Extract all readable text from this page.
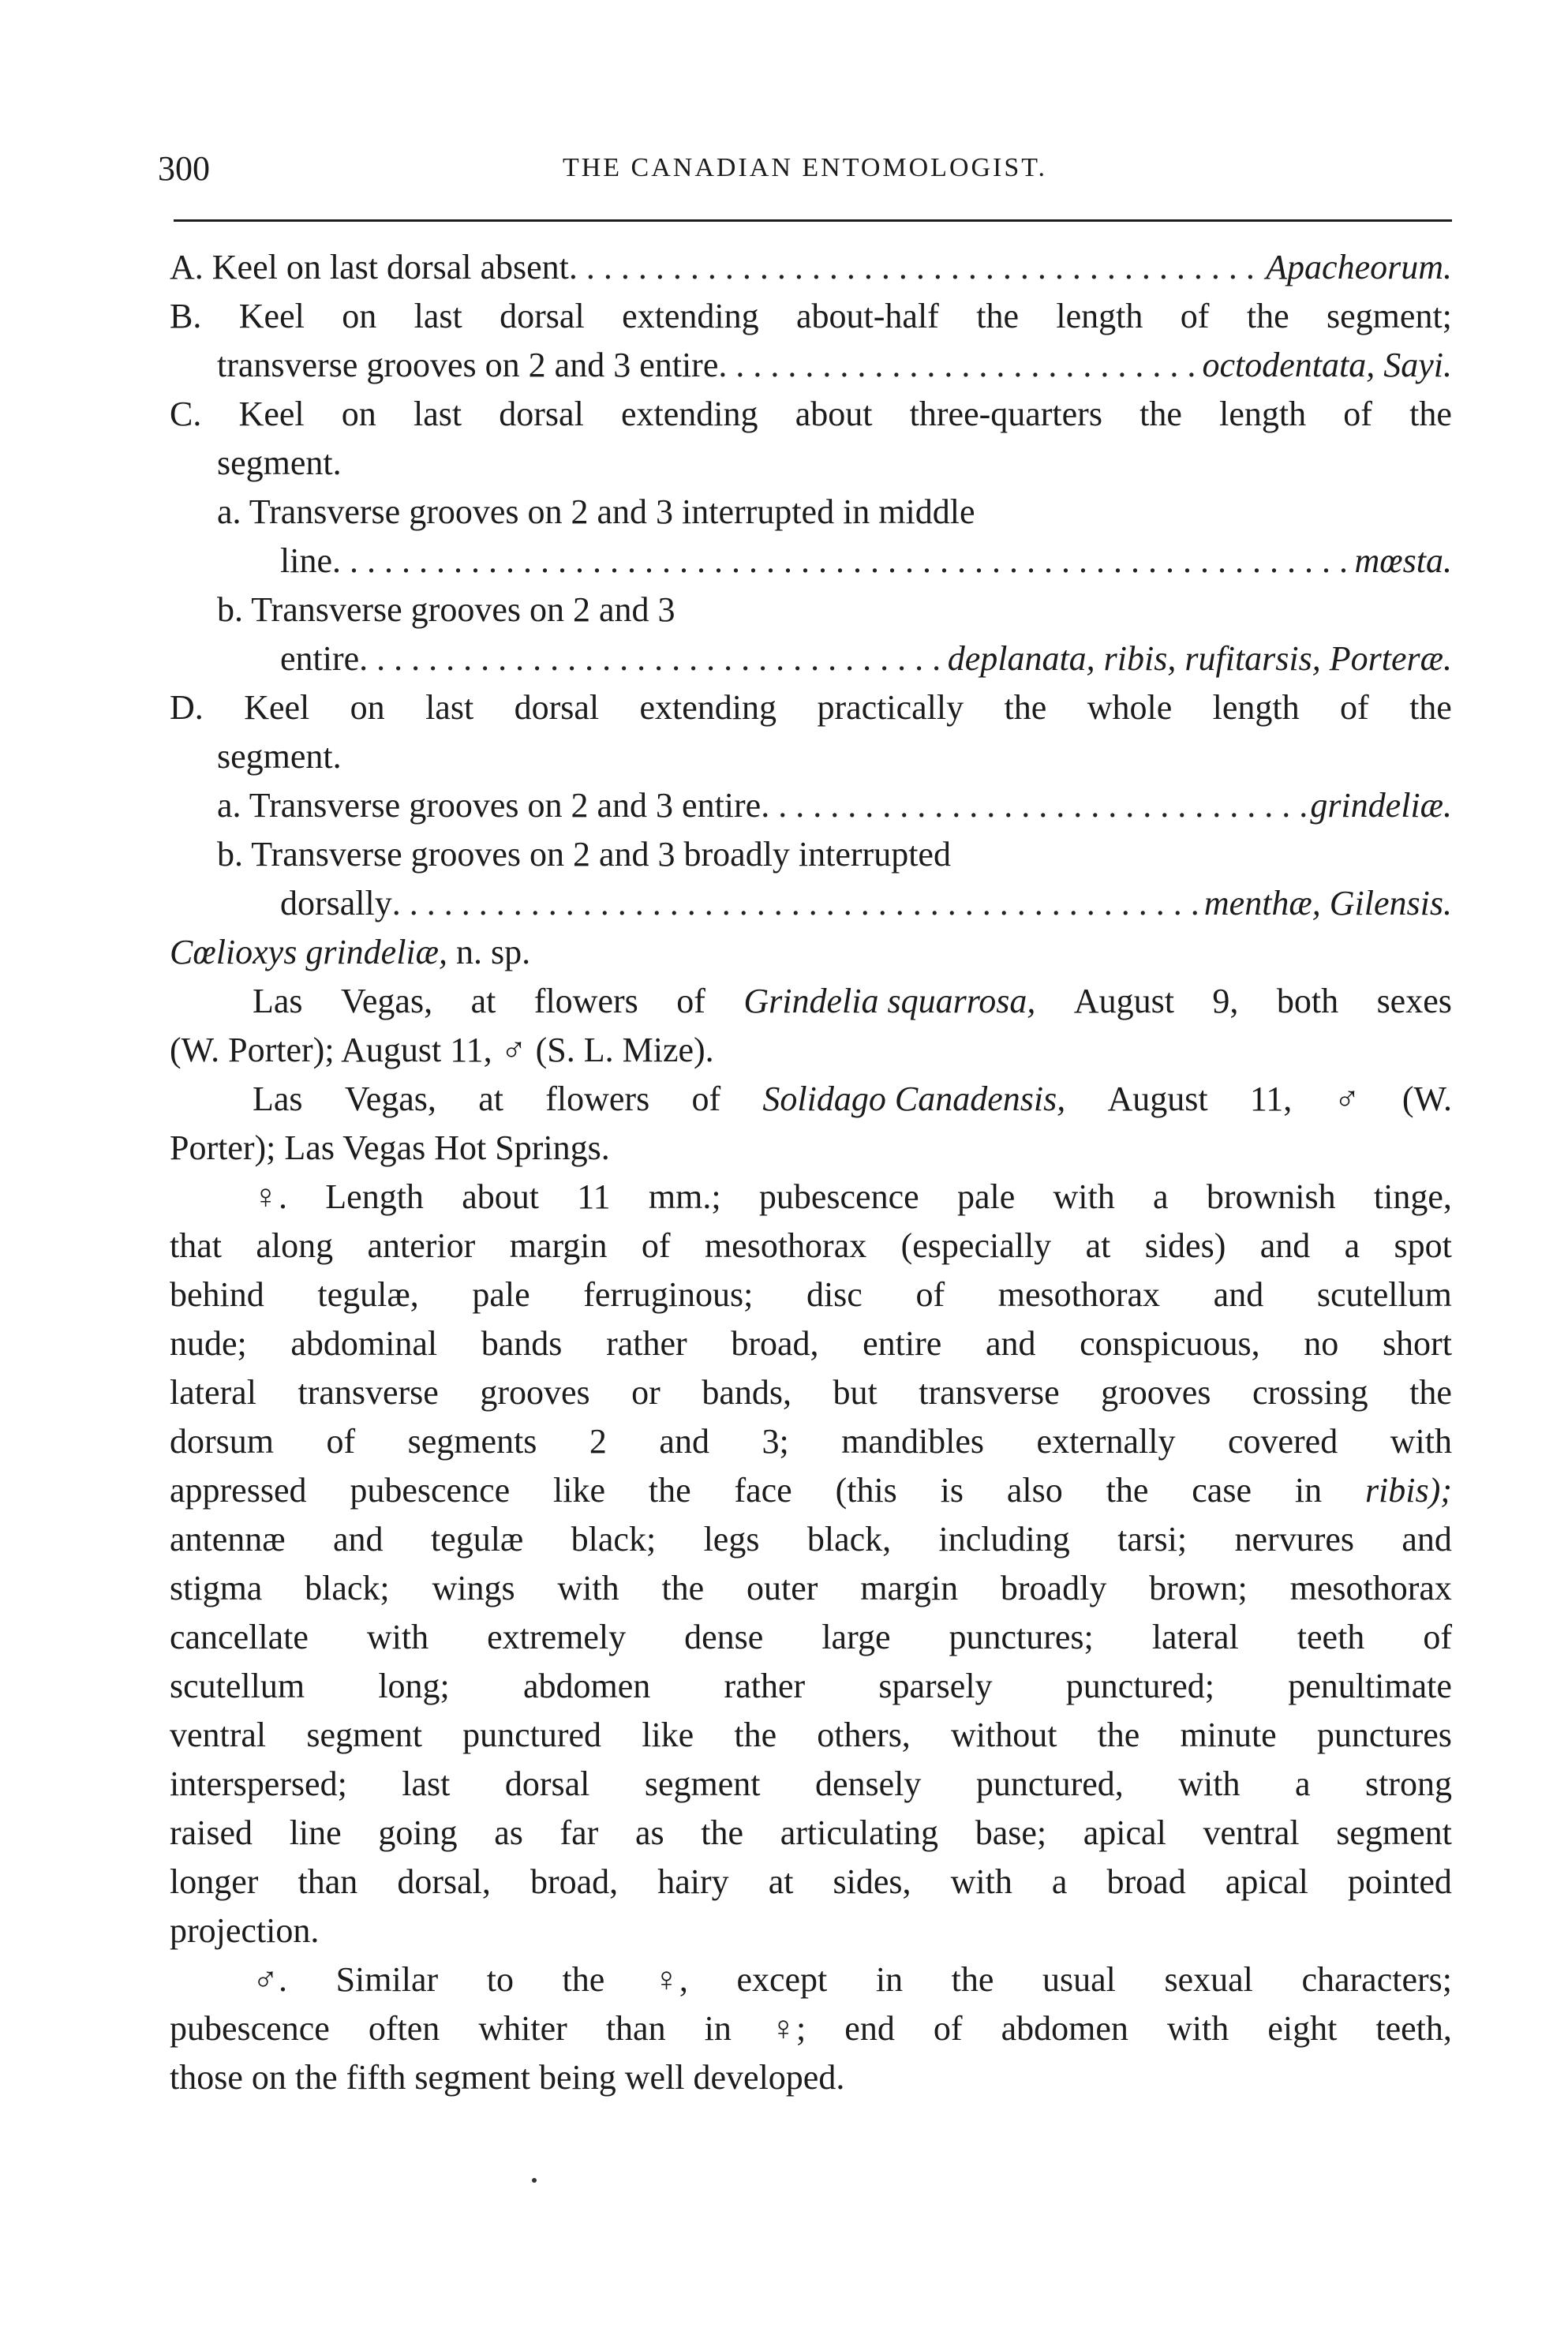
300	THE CANADIAN ENTOMOLOGIST.
A. Keel on last dorsal absent . . .	Apacheorum.
B. Keel on last dorsal extending about-half the length of the segment;
transverse grooves on 2 and 3 entire . . .	octodentata, Sayi.
C. Keel on last dorsal extending about three-quarters the length of the
segment.
a. Transverse grooves on 2 and 3 interrupted in middle
line . . .	mœsta.
b. Transverse grooves on 2 and 3
entire . . .	deplanata, ribis, rufitarsis, Porteræ.
D. Keel on last dorsal extending practically the whole length of the
segment.
a. Transverse grooves on 2 and 3 entire . . .	grindeliæ.
b. Transverse grooves on 2 and 3 broadly interrupted
dorsally . . .	menthæ, Gilensis.
Cœlioxys grindeliæ, n. sp.
Las Vegas, at flowers of Grindelia squarrosa, August 9, both sexes
(W. Porter); August 11, ♂ (S. L. Mize).
Las Vegas, at flowers of Solidago Canadensis, August 11, ♂ (W.
Porter); Las Vegas Hot Springs.
♀. Length about 11 mm.; pubescence pale with a brownish tinge,
that along anterior margin of mesothorax (especially at sides) and a spot
behind tegulæ, pale ferruginous; disc of mesothorax and scutellum
nude; abdominal bands rather broad, entire and conspicuous, no short
lateral transverse grooves or bands, but transverse grooves crossing the
dorsum of segments 2 and 3; mandibles externally covered with
appressed pubescence like the face (this is also the case in ribis);
antennæ and tegulæ black; legs black, including tarsi; nervures and
stigma black; wings with the outer margin broadly brown; mesothorax
cancellate with extremely dense large punctures; lateral teeth of
scutellum long; abdomen rather sparsely punctured; penultimate
ventral segment punctured like the others, without the minute punctures
interspersed; last dorsal segment densely punctured, with a strong
raised line going as far as the articulating base; apical ventral segment
longer than dorsal, broad, hairy at sides, with a broad apical pointed
projection.
♂. Similar to the ♀, except in the usual sexual characters;
pubescence often whiter than in ♀; end of abdomen with eight teeth,
those on the fifth segment being well developed.
